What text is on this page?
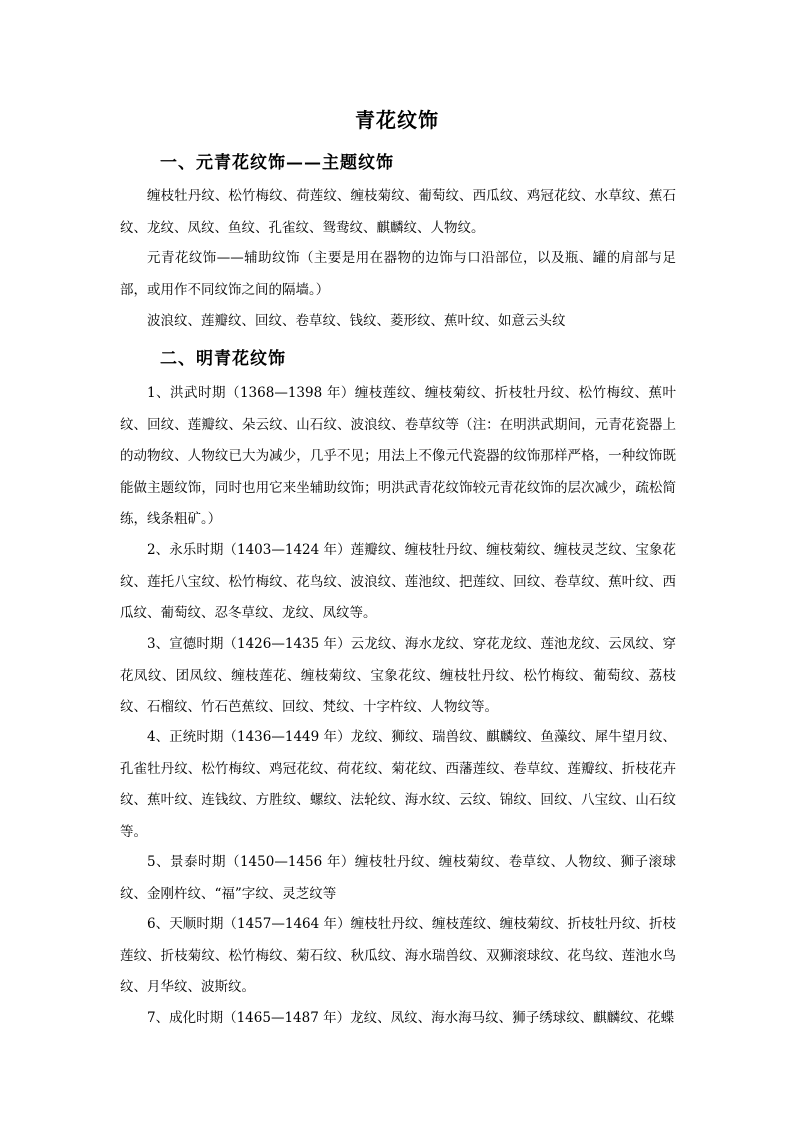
青花纹饰
一、元青花纹饰——主题纹饰
缠枝牡丹纹、松竹梅纹、荷莲纹、缠枝菊纹、葡萄纹、西瓜纹、鸡冠花纹、水草纹、蕉石纹、龙纹、凤纹、鱼纹、孔雀纹、鸳鸯纹、麒麟纹、人物纹。
元青花纹饰——辅助纹饰（主要是用在器物的边饰与口沿部位，以及瓶、罐的肩部与足部，或用作不同纹饰之间的隔墙。）
波浪纹、莲瓣纹、回纹、卷草纹、钱纹、菱形纹、蕉叶纹、如意云头纹
二、明青花纹饰
1、洪武时期（1368—1398 年）缠枝莲纹、缠枝菊纹、折枝牡丹纹、松竹梅纹、蕉叶纹、回纹、莲瓣纹、朵云纹、山石纹、波浪纹、卷草纹等（注：在明洪武期间，元青花瓷器上的动物纹、人物纹已大为减少，几乎不见；用法上不像元代瓷器的纹饰那样严格，一种纹饰既能做主题纹饰，同时也用它来坐辅助纹饰；明洪武青花纹饰较元青花纹饰的层次减少，疏松简练，线条粗矿。）
2、永乐时期（1403—1424 年）莲瓣纹、缠枝牡丹纹、缠枝菊纹、缠枝灵芝纹、宝象花纹、莲托八宝纹、松竹梅纹、花鸟纹、波浪纹、莲池纹、把莲纹、回纹、卷草纹、蕉叶纹、西瓜纹、葡萄纹、忍冬草纹、龙纹、凤纹等。
3、宣德时期（1426—1435 年）云龙纹、海水龙纹、穿花龙纹、莲池龙纹、云凤纹、穿花凤纹、团凤纹、缠枝莲花、缠枝菊纹、宝象花纹、缠枝牡丹纹、松竹梅纹、葡萄纹、荔枝纹、石榴纹、竹石芭蕉纹、回纹、梵纹、十字杵纹、人物纹等。
4、正统时期（1436—1449 年）龙纹、狮纹、瑞兽纹、麒麟纹、鱼藻纹、犀牛望月纹、孔雀牡丹纹、松竹梅纹、鸡冠花纹、荷花纹、菊花纹、西藩莲纹、卷草纹、莲瓣纹、折枝花卉纹、蕉叶纹、连钱纹、方胜纹、螺纹、法轮纹、海水纹、云纹、锦纹、回纹、八宝纹、山石纹等。
5、景泰时期（1450—1456 年）缠枝牡丹纹、缠枝菊纹、卷草纹、人物纹、狮子滚球纹、金刚杵纹、“福”字纹、灵芝纹等
6、天顺时期（1457—1464 年）缠枝牡丹纹、缠枝莲纹、缠枝菊纹、折枝牡丹纹、折枝莲纹、折枝菊纹、松竹梅纹、菊石纹、秋瓜纹、海水瑞兽纹、双狮滚球纹、花鸟纹、莲池水鸟纹、月华纹、波斯纹。
7、成化时期（1465—1487 年）龙纹、凤纹、海水海马纹、狮子绣球纹、麒麟纹、花蝶
